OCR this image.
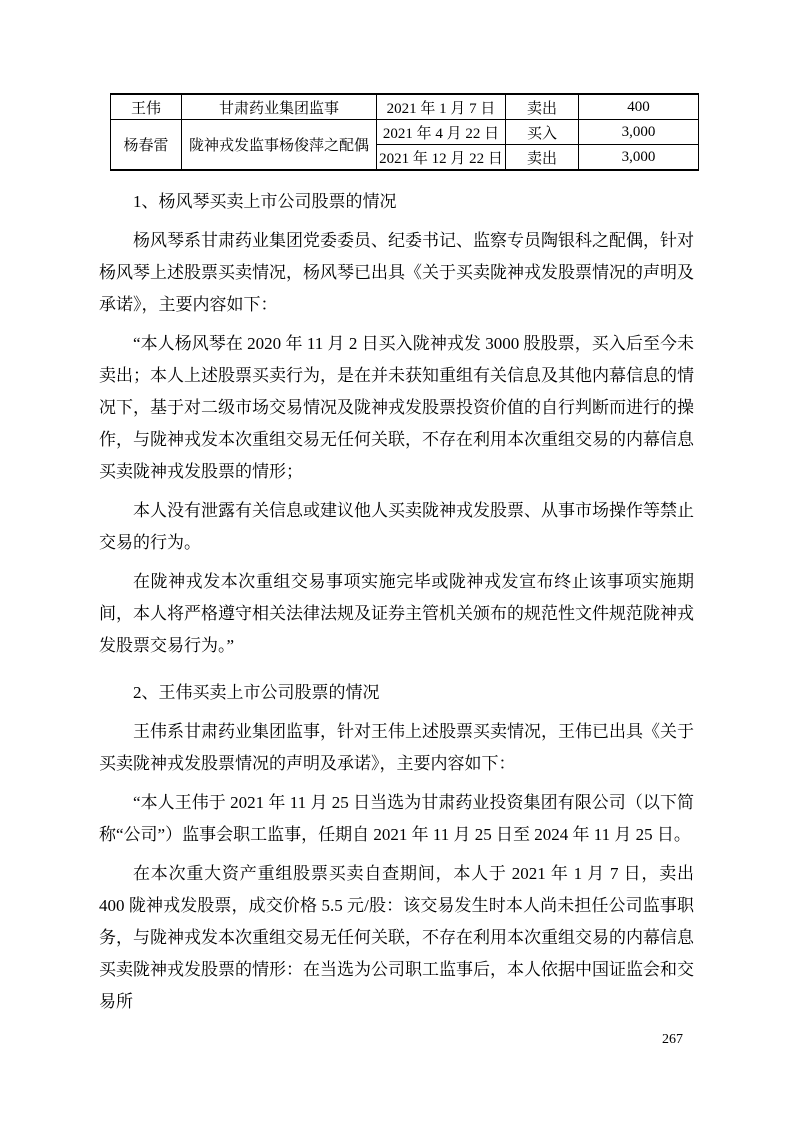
王伟	甘肃药业集团监事	2021 年 1 月 7 日	卖出	400
杨春雷	陇神戎发监事杨俊萍之配偶	2021 年 4 月 22 日	买入	3,000
		2021 年 12 月 22 日	卖出	3,000

1、杨风琴买卖上市公司股票的情况

杨风琴系甘肃药业集团党委委员、纪委书记、监察专员陶银科之配偶，针对杨风琴上述股票买卖情况，杨风琴已出具《关于买卖陇神戎发股票情况的声明及承诺》，主要内容如下：

“本人杨风琴在 2020 年 11 月 2 日买入陇神戎发 3000 股股票，买入后至今未卖出；本人上述股票买卖行为，是在并未获知重组有关信息及其他内幕信息的情况下，基于对二级市场交易情况及陇神戎发股票投资价值的自行判断而进行的操作，与陇神戎发本次重组交易无任何关联，不存在利用本次重组交易的内幕信息买卖陇神戎发股票的情形；

本人没有泄露有关信息或建议他人买卖陇神戎发股票、从事市场操作等禁止交易的行为。

在陇神戎发本次重组交易事项实施完毕或陇神戎发宣布终止该事项实施期间，本人将严格遵守相关法律法规及证券主管机关颁布的规范性文件规范陇神戎发股票交易行为。”

2、王伟买卖上市公司股票的情况

王伟系甘肃药业集团监事，针对王伟上述股票买卖情况，王伟已出具《关于买卖陇神戎发股票情况的声明及承诺》，主要内容如下：

“本人王伟于 2021 年 11 月 25 日当选为甘肃药业投资集团有限公司（以下简称“公司”）监事会职工监事，任期自 2021 年 11 月 25 日至 2024 年 11 月 25 日。

在本次重大资产重组股票买卖自查期间，本人于 2021 年 1 月 7 日，卖出 400 陇神戎发股票，成交价格 5.5 元/股：该交易发生时本人尚未担任公司监事职务，与陇神戎发本次重组交易无任何关联，不存在利用本次重组交易的内幕信息买卖陇神戎发股票的情形：在当选为公司职工监事后，本人依据中国证监会和交易所

267
